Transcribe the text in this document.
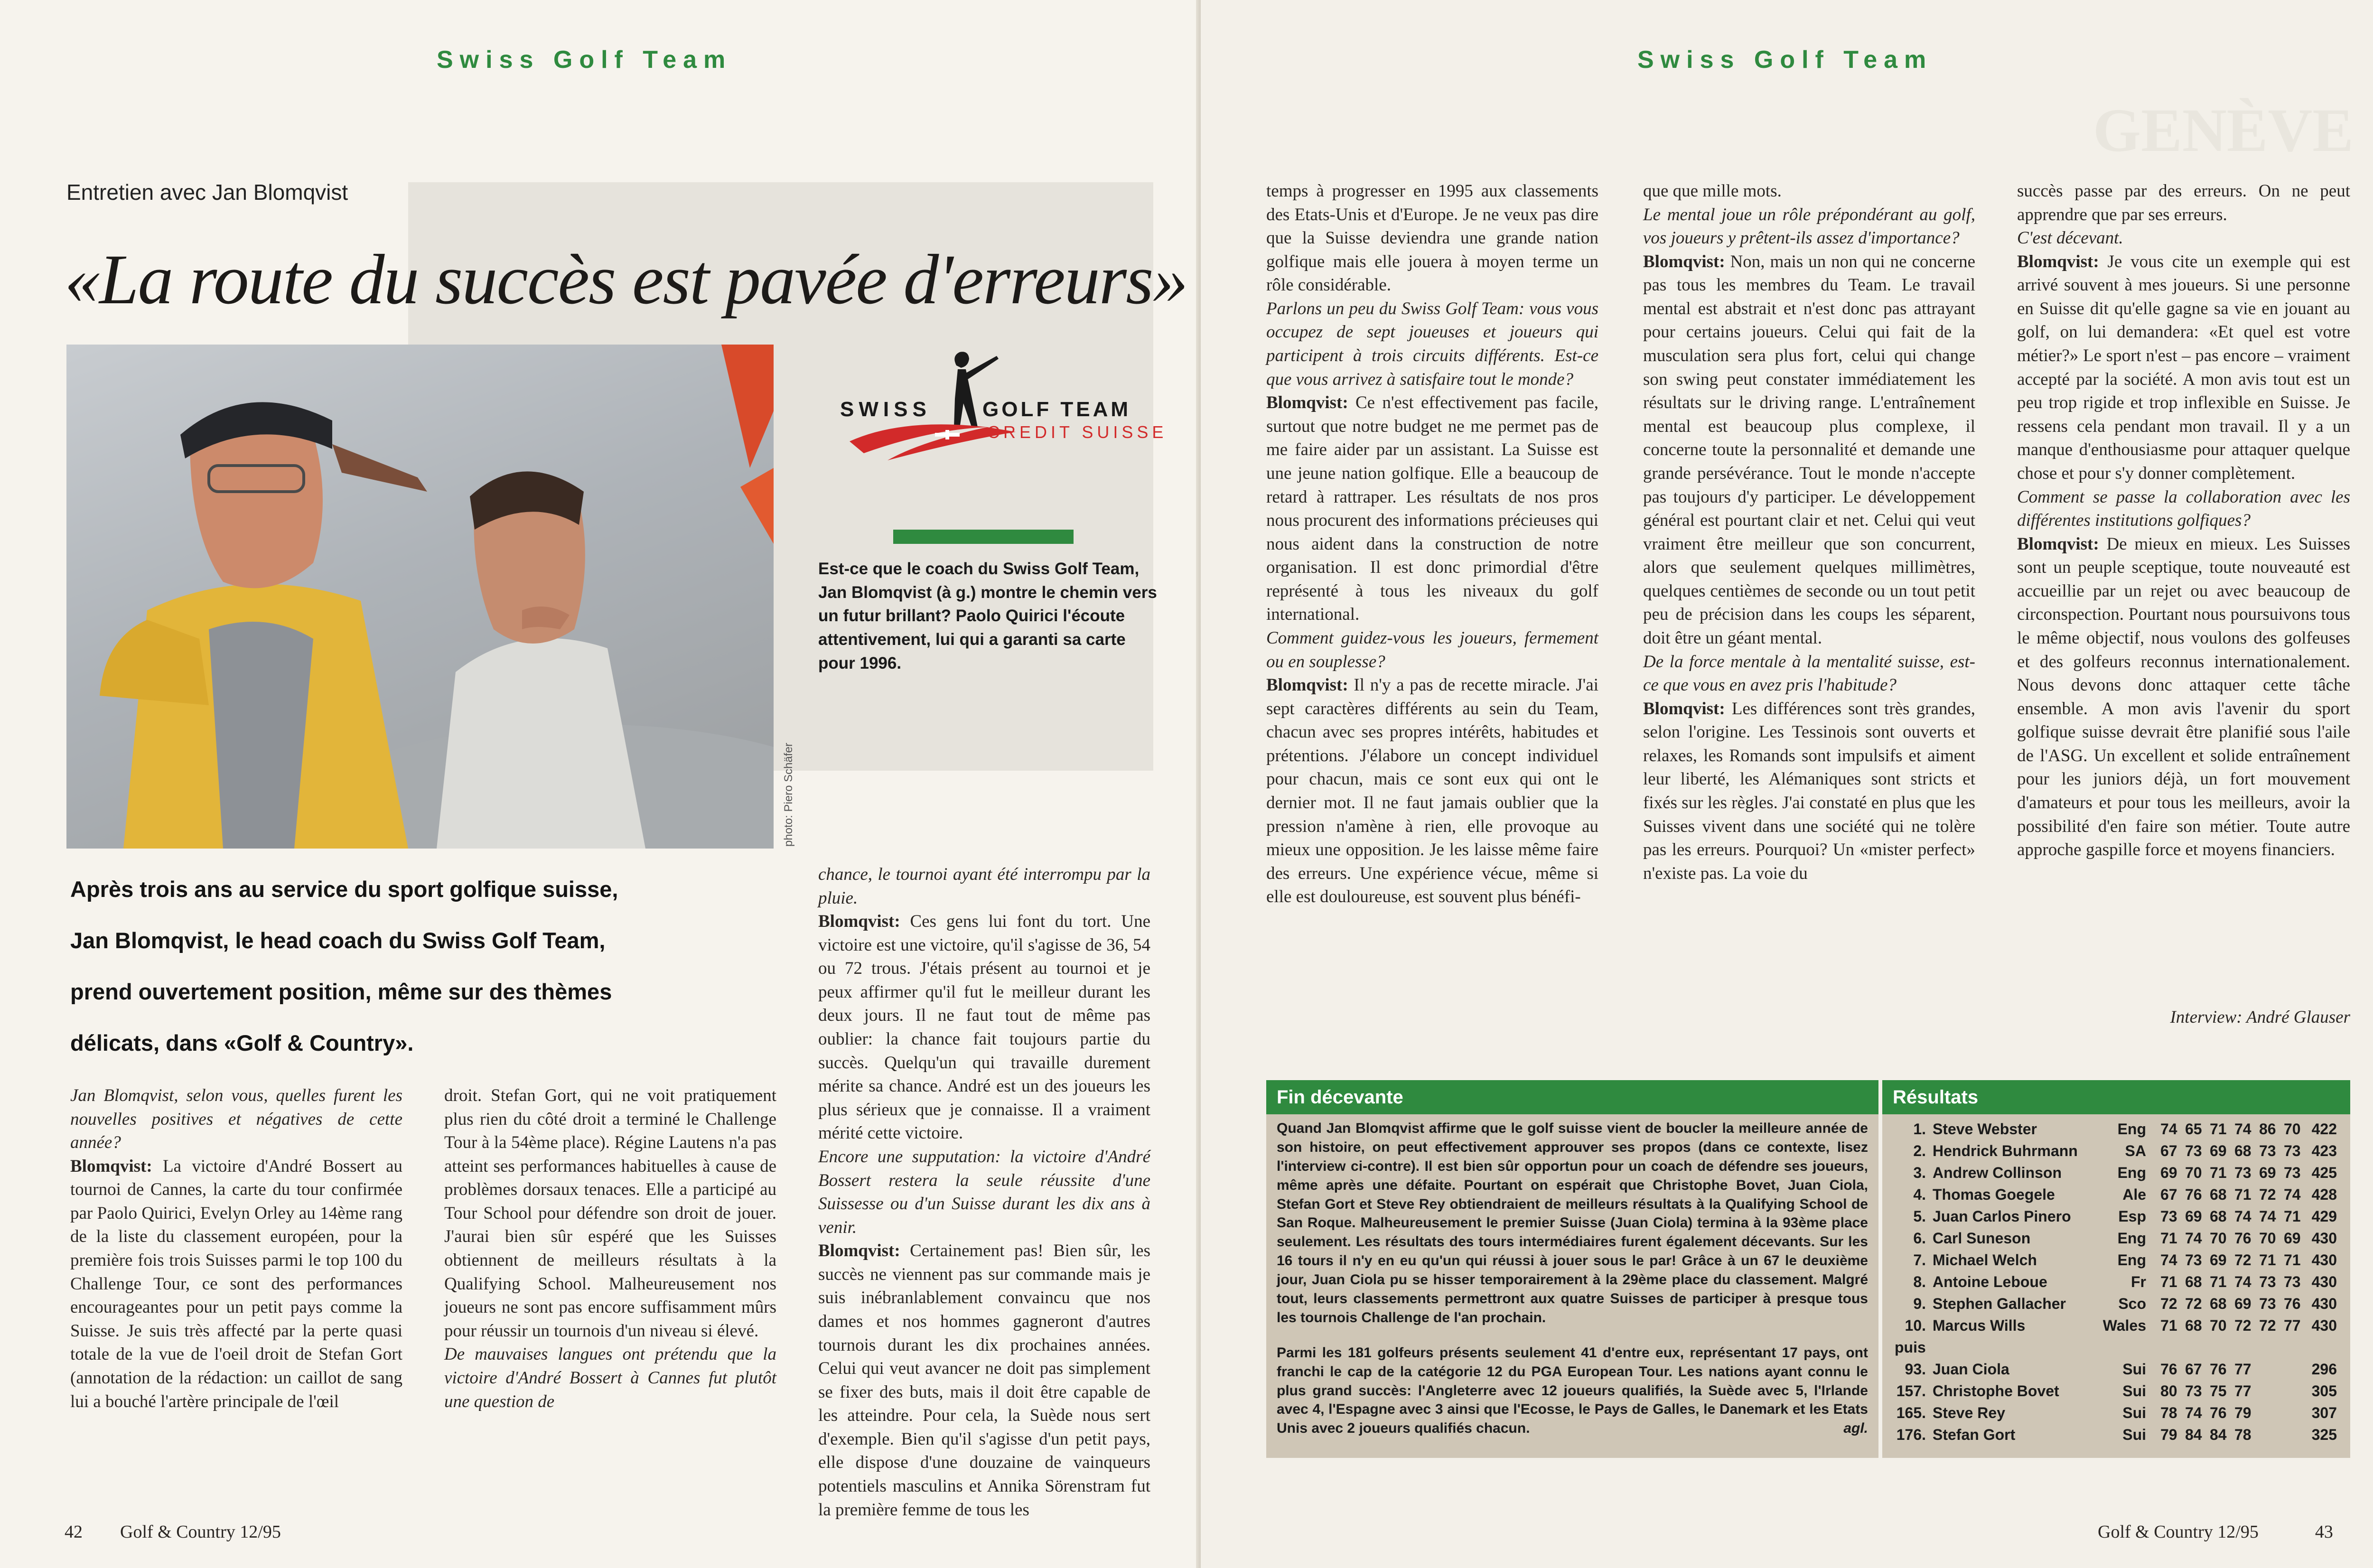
Swiss Golf Team
Entretien avec Jan Blomqvist
«La route du succès est pavée d'erreurs»
photo: Piero Schäfer
SWISS GOLF TEAM
CREDIT SUISSE
Est-ce que le coach du Swiss Golf Team, Jan Blomqvist (à g.) montre le chemin vers un futur brillant? Paolo Quirici l'écoute attentivement, lui qui a garanti sa carte pour 1996.
Après trois ans au service du sport golfique suisse,
Jan Blomqvist, le head coach du Swiss Golf Team,
prend ouvertement position, même sur des thèmes
délicats, dans «Golf & Country».

Jan Blomqvist, selon vous, quelles furent les nouvelles positives et négatives de cette année?

Blomqvist: La victoire d'André Bossert au tournoi de Cannes, la carte du tour confirmée par Paolo Quirici, Evelyn Orley au 14ème rang de la liste du classement européen, pour la première fois trois Suisses parmi le top 100 du Challenge Tour, ce sont des performances encourageantes pour un petit pays comme la Suisse. Je suis très affecté par la perte quasi totale de la vue de l'oeil droit de Stefan Gort (annotation de la rédaction: un caillot de sang lui a bouché l'artère principale de l'œil

droit. Stefan Gort, qui ne voit pratiquement plus rien du côté droit a terminé le Challenge Tour à la 54ème place). Régine Lautens n'a pas atteint ses performances habituelles à cause de problèmes dorsaux tenaces. Elle a participé au Tour School pour défendre son droit de jouer. J'aurai bien sûr espéré que les Suisses obtiennent de meilleurs résultats à la Qualifying School. Malheureusement nos joueurs ne sont pas encore suffisamment mûrs pour réussir un tournois d'un niveau si élevé.

De mauvaises langues ont prétendu que la victoire d'André Bossert à Cannes fut plutôt une question de

chance, le tournoi ayant été interrompu par la pluie.

Blomqvist: Ces gens lui font du tort. Une victoire est une victoire, qu'il s'agisse de 36, 54 ou 72 trous. J'étais présent au tournoi et je peux affirmer qu'il fut le meilleur durant les deux jours. Il ne faut tout de même pas oublier: la chance fait toujours partie du succès. Quelqu'un qui travaille durement mérite sa chance. André est un des joueurs les plus sérieux que je connaisse. Il a vraiment mérité cette victoire.

Encore une supputation: la victoire d'André Bossert restera la seule réussite d'une Suissesse ou d'un Suisse durant les dix ans à venir.

Blomqvist: Certainement pas! Bien sûr, les succès ne viennent pas sur commande mais je suis inébranlablement convaincu que nos dames et nos hommes gagneront d'autres tournois durant les dix prochaines années. Celui qui veut avancer ne doit pas simplement se fixer des buts, mais il doit être capable de les atteindre. Pour cela, la Suède nous sert d'exemple. Bien qu'il s'agisse d'un petit pays, elle dispose d'une douzaine de vainqueurs potentiels masculins et Annika Sörenstram fut la première femme de tous les

42 Golf & Country 12/95
GENÈVE
Swiss Golf Team

temps à progresser en 1995 aux classements des Etats-Unis et d'Europe. Je ne veux pas dire que la Suisse deviendra une grande nation golfique mais elle jouera à moyen terme un rôle considérable.

Parlons un peu du Swiss Golf Team: vous vous occupez de sept joueuses et joueurs qui participent à trois circuits différents. Est-ce que vous arrivez à satisfaire tout le monde?

Blomqvist: Ce n'est effectivement pas facile, surtout que notre budget ne me permet pas de me faire aider par un assistant. La Suisse est une jeune nation golfique. Elle a beaucoup de retard à rattraper. Les résultats de nos pros nous procurent des informations précieuses qui nous aident dans la construction de notre organisation. Il est donc primordial d'être représenté à tous les niveaux du golf international.

Comment guidez-vous les joueurs, fermement ou en souplesse?

Blomqvist: Il n'y a pas de recette miracle. J'ai sept caractères différents au sein du Team, chacun avec ses propres intérêts, habitudes et prétentions. J'élabore un concept individuel pour chacun, mais ce sont eux qui ont le dernier mot. Il ne faut jamais oublier que la pression n'amène à rien, elle provoque au mieux une opposition. Je les laisse même faire des erreurs. Une expérience vécue, même si elle est douloureuse, est souvent plus bénéfi-

que que mille mots.

Le mental joue un rôle prépondérant au golf, vos joueurs y prêtent-ils assez d'importance?

Blomqvist: Non, mais un non qui ne concerne pas tous les membres du Team. Le travail mental est abstrait et n'est donc pas attrayant pour certains joueurs. Celui qui fait de la musculation sera plus fort, celui qui change son swing peut constater immédiatement les résultats sur le driving range. L'entraînement mental est beaucoup plus complexe, il concerne toute la personnalité et demande une grande persévérance. Tout le monde n'accepte pas toujours d'y participer. Le développement général est pourtant clair et net. Celui qui veut vraiment être meilleur que son concurrent, alors que seulement quelques millimètres, quelques centièmes de seconde ou un tout petit peu de précision dans les coups les séparent, doit être un géant mental.

De la force mentale à la mentalité suisse, est-ce que vous en avez pris l'habitude?

Blomqvist: Les différences sont très grandes, selon l'origine. Les Tessinois sont ouverts et relaxes, les Romands sont impulsifs et aiment leur liberté, les Alémaniques sont stricts et fixés sur les règles. J'ai constaté en plus que les Suisses vivent dans une société qui ne tolère pas les erreurs. Pourquoi? Un «mister perfect» n'existe pas. La voie du

succès passe par des erreurs. On ne peut apprendre que par ses erreurs.

C'est décevant.

Blomqvist: Je vous cite un exemple qui est arrivé souvent à mes joueurs. Si une personne en Suisse dit qu'elle gagne sa vie en jouant au golf, on lui demandera: «Et quel est votre métier?» Le sport n'est – pas encore – vraiment accepté par la société. A mon avis tout est un peu trop rigide et trop inflexible en Suisse. Je ressens cela pendant mon travail. Il y a un manque d'enthousiasme pour attaquer quelque chose et pour s'y donner complètement.

Comment se passe la collaboration avec les différentes institutions golfiques?

Blomqvist: De mieux en mieux. Les Suisses sont un peuple sceptique, toute nouveauté est accueillie par un rejet ou avec beaucoup de circonspection. Pourtant nous poursuivons tous le même objectif, nous voulons des golfeuses et des golfeurs reconnus internationalement. Nous devons donc attaquer cette tâche ensemble. A mon avis l'avenir du sport golfique suisse devrait être planifié sous l'aile de l'ASG. Un excellent et solide entraînement pour les juniors déjà, un fort mouvement d'amateurs et pour tous les meilleurs, avoir la possibilité d'en faire son métier. Toute autre approche gaspille force et moyens financiers.

Interview: André Glauser
Fin décevante

Quand Jan Blomqvist affirme que le golf suisse vient de boucler la meilleure année de son histoire, on peut effectivement approuver ses propos (dans ce contexte, lisez l'interview ci-contre). Il est bien sûr opportun pour un coach de défendre ses joueurs, même après une défaite. Pourtant on espérait que Christophe Bovet, Juan Ciola, Stefan Gort et Steve Rey obtiendraient de meilleurs résultats à la Qualifying School de San Roque. Malheureusement le premier Suisse (Juan Ciola) termina à la 93ème place seulement. Les résultats des tours intermédiaires furent également décevants. Sur les 16 tours il n'y en eu qu'un qui réussi à jouer sous le par! Grâce à un 67 le deuxième jour, Juan Ciola pu se hisser temporairement à la 29ème place du classement. Malgré tout, leurs classements permettront aux quatre Suisses de participer à presque tous les tournois Challenge de l'an prochain.

Parmi les 181 golfeurs présents seulement 41 d'entre eux, représentant 17 pays, ont franchi le cap de la catégorie 12 du PGA European Tour. Les nations ayant connu le plus grand succès: l'Angleterre avec 12 joueurs qualifiés, la Suède avec 5, l'Irlande avec 4, l'Espagne avec 3 ainsi que l'Ecosse, le Pays de Galles, le Danemark et les Etats Unis avec 2 joueurs qualifiés chacun.	agl.

Résultats
1.	Steve Webster	Eng	74	65	71	74	86	70	422
2.	Hendrick Buhrmann	SA	67	73	69	68	73	73	423
3.	Andrew Collinson	Eng	69	70	71	73	69	73	425
4.	Thomas Goegele	Ale	67	76	68	71	72	74	428
5.	Juan Carlos Pinero	Esp	73	69	68	74	74	71	429
6.	Carl Suneson	Eng	71	74	70	76	70	69	430
7.	Michael Welch	Eng	74	73	69	72	71	71	430
8.	Antoine Leboue	Fr	71	68	71	74	73	73	430
9.	Stephen Gallacher	Sco	72	72	68	69	73	76	430
10.	Marcus Wills	Wales	71	68	70	72	72	77	430
puis									
93.	Juan Ciola	Sui	76	67	76	77			296
157.	Christophe Bovet	Sui	80	73	75	77			305
165.	Steve Rey	Sui	78	74	76	79			307
176.	Stefan Gort	Sui	79	84	84	78			325
Golf & Country 12/95	43
